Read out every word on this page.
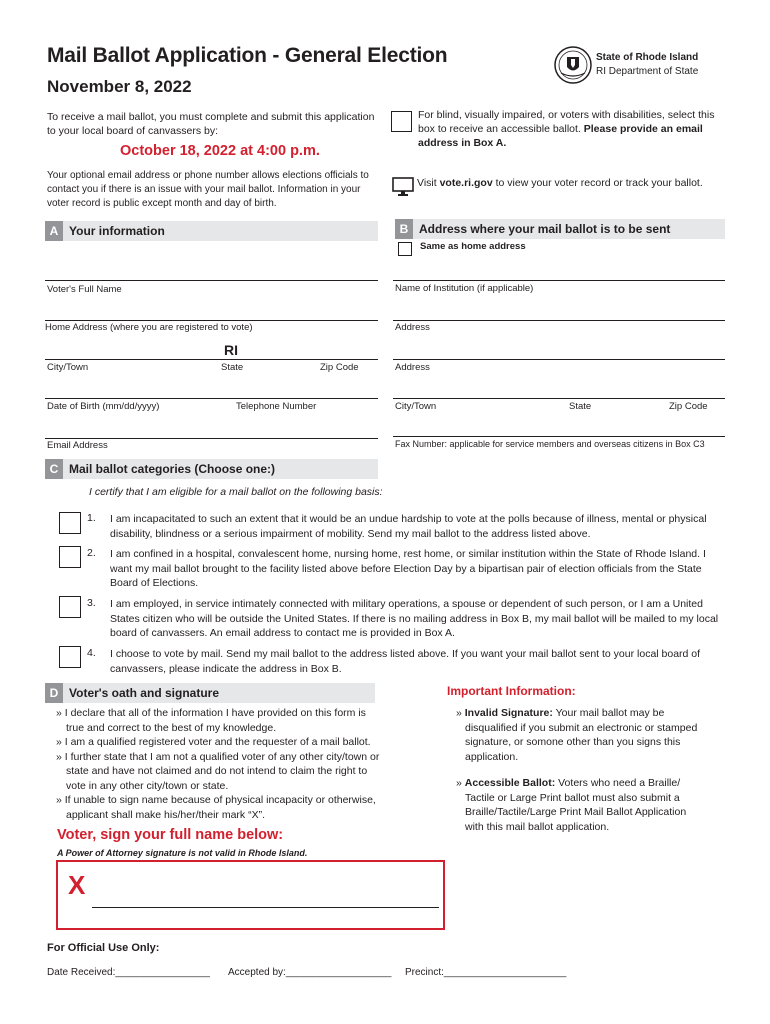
Mail Ballot Application - General Election
November 8, 2022
State of Rhode Island
RI Department of State
To receive a mail ballot, you must complete and submit this application to your local board of canvassers by:
October 18, 2022 at 4:00 p.m.
Your optional email address or phone number allows elections officials to contact you if there is an issue with your mail ballot. Information in your voter record is public except month and day of birth.
For blind, visually impaired, or voters with disabilities, select this box to receive an accessible ballot. Please provide an email address in Box A.
Visit vote.ri.gov to view your voter record or track your ballot.
A Your information
Voter's Full Name
Home Address (where you are registered to vote)
RI
City/Town	State	Zip Code
Date of Birth (mm/dd/yyyy)	Telephone Number
Email Address
B Address where your mail ballot is to be sent
Same as home address
Name of Institution (if applicable)
Address
Address
City/Town	State	Zip Code
Fax Number: applicable for service members and overseas citizens in Box C3
C Mail ballot categories (Choose one:)
I certify that I am eligible for a mail ballot on the following basis:
1. I am incapacitated to such an extent that it would be an undue hardship to vote at the polls because of illness, mental or physical disability, blindness or a serious impairment of mobility. Send my mail ballot to the address listed above.
2. I am confined in a hospital, convalescent home, nursing home, rest home, or similar institution within the State of Rhode Island. I want my mail ballot brought to the facility listed above before Election Day by a bipartisan pair of election officials from the State Board of Elections.
3. I am employed, in service intimately connected with military operations, a spouse or dependent of such person, or I am a United States citizen who will be outside the United States. If there is no mailing address in Box B, my mail ballot will be mailed to my local board of canvassers. An email address to contact me is provided in Box A.
4. I choose to vote by mail. Send my mail ballot to the address listed above. If you want your mail ballot sent to your local board of canvassers, please indicate the address in Box B.
D Voter's oath and signature
» I declare that all of the information I have provided on this form is true and correct to the best of my knowledge.
» I am a qualified registered voter and the requester of a mail ballot.
» I further state that I am not a qualified voter of any other city/town or state and have not claimed and do not intend to claim the right to vote in any other city/town or state.
» If unable to sign name because of physical incapacity or otherwise, applicant shall make his/her/their mark “X”.
Important Information:
» Invalid Signature: Your mail ballot may be disqualified if you submit an electronic or stamped signature, or somone other than you signs this application.
» Accessible Ballot: Voters who need a Braille/ Tactile or Large Print ballot must also submit a Braille/Tactile/Large Print Mail Ballot Application with this mail ballot application.
Voter, sign your full name below:
A Power of Attorney signature is not valid in Rhode Island.
X
For Official Use Only:
Date Received:_________________ Accepted by:___________________ Precinct:______________________
